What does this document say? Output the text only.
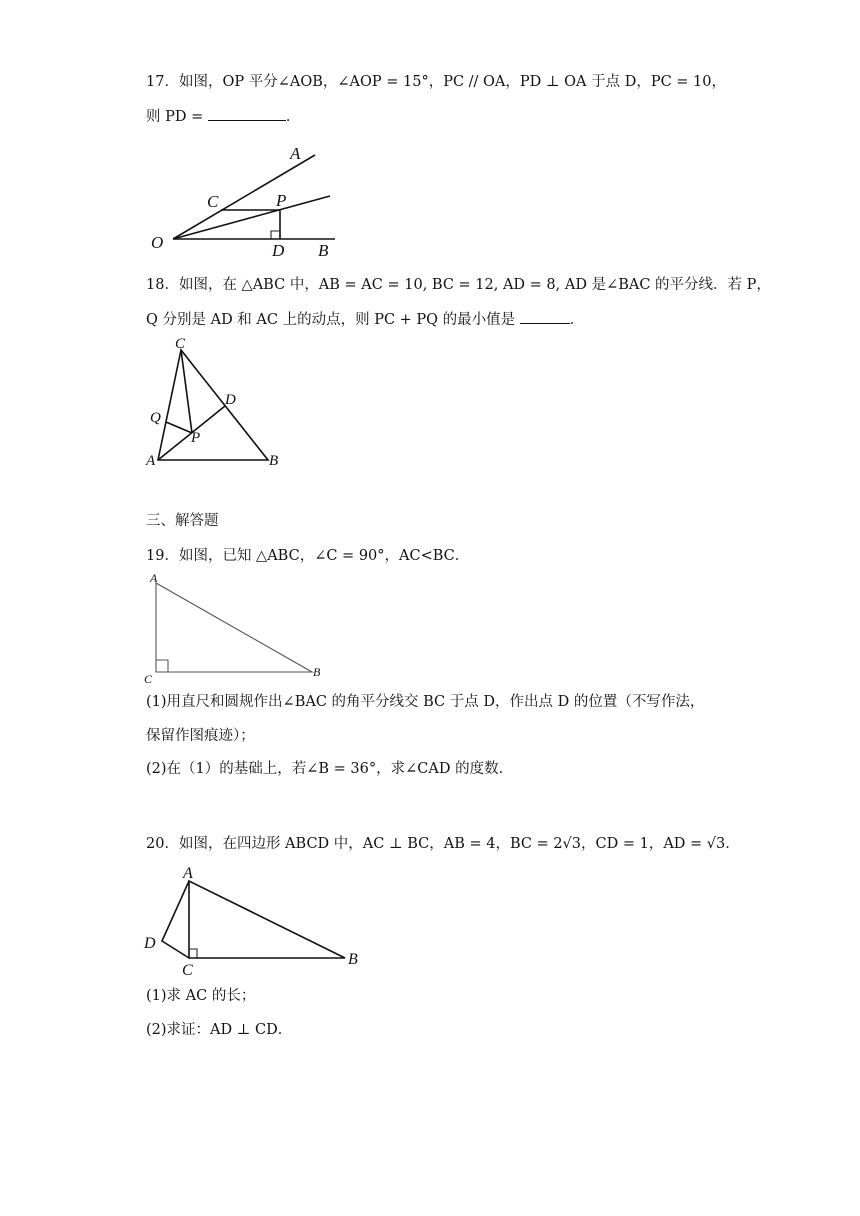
17．如图，OP 平分∠AOB，∠AOP = 15°，PC // OA，PD ⊥ OA 于点 D，PC = 10，

则 PD =	．

A
C	P
O	D B

18．如图，在 △ABC 中，AB = AC = 10, BC = 12, AD = 8, AD 是∠BAC 的平分线．若 P，

Q 分别是 AD 和 AC 上的动点，则 PC + PQ 的最小值是	．

C
D
Q
P
A	B

三、解答题

19．如图，已知 △ABC，∠C = 90°，AC<BC．

A
C	B

(1)用直尺和圆规作出∠BAC 的角平分线交 BC 于点 D，作出点 D 的位置（不写作法，

保留作图痕迹）；

(2)在（1）的基础上，若∠B = 36°，求∠CAD 的度数．

20．如图，在四边形 ABCD 中，AC ⊥ BC，AB = 4，BC = 2√3，CD = 1，AD = √3．

A
D
C
B

(1)求 AC 的长；

(2)求证：AD ⊥ CD．
